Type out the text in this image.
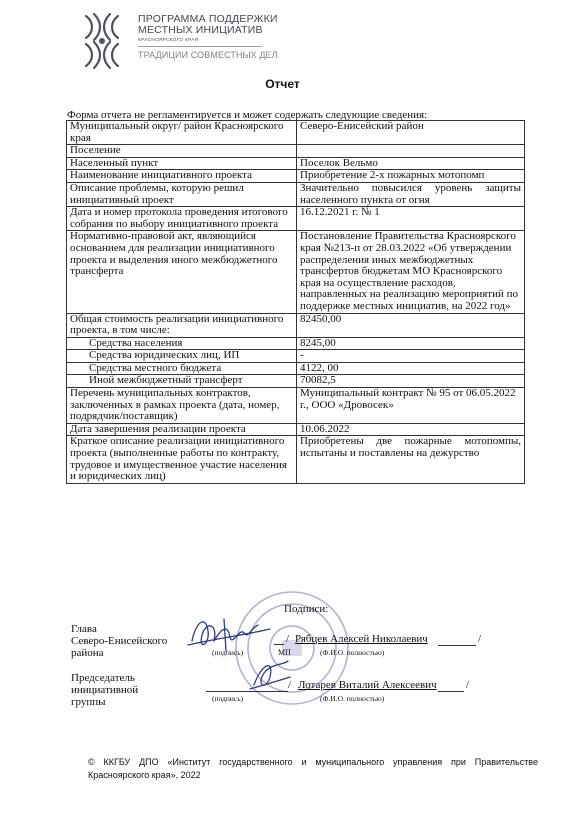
ПРОГРАММА ПОДДЕРЖКИ
МЕСТНЫХ ИНИЦИАТИВ
КРАСНОЯРСКОГО КРАЯ
ТРАДИЦИИ СОВМЕСТНЫХ ДЕЛ
Отчет
Форма отчета не регламентируется и может содержать следующие сведения:
Муниципальный округ/ район Красноярского края	Северо-Енисейский район
Поселение	
Населенный пункт	Поселок Вельмо
Наименование инициативного проекта	Приобретение 2-х пожарных мотопомп
Описание проблемы, которую решил инициативный проект	Значительно повысился уровень защиты населенного пункта от огня
Дата и номер протокола проведения итогового собрания по выбору инициативного проекта	16.12.2021 г. № 1
Нормативно-правовой акт, являющийся основанием для реализации инициативного проекта и выделения иного межбюджетного трансферта	Постановление Правительства Красноярского края №213-п от 28.03.2022 «Об утверждении распределения иных межбюджетных трансфертов бюджетам МО Красноярского края на осуществление расходов, направленных на реализацию мероприятий по поддержке местных инициатив, на 2022 год»
Общая стоимость реализации инициативного проекта, в том числе:	82450,00
Средства населения	8245,00
Средства юридических лиц, ИП	-
Средства местного бюджета	4122, 00
Иной межбюджетный трансферт	70082,5
Перечень муниципальных контрактов, заключенных в рамках проекта (дата, номер, подрядчик/поставщик)	Муниципальный контракт № 95 от 06.05.2022 г., ООО «Дровосек»
Дата завершения реализации проекта	10.06.2022
Краткое описание реализации инициативного проекта (выполненные работы по контракту, трудовое и имущественное участие населения и юридических лиц)	Приобретены две пожарные мотопомпы, испытаны и поставлены на дежурство
Подписи:
Глава
Северо-Енисейского
района
/ Рябцев Алексей Николаевич	/
(подпись)	МП	(Ф.И.О. полностью)
Председатель
инициативной
группы
/ Лотарев Виталий Алексеевич	/
(подпись)	(Ф.И.О. полностью)
© ККГБУ ДПО «Институт государственного и муниципального управления при Правительстве Красноярского края», 2022
